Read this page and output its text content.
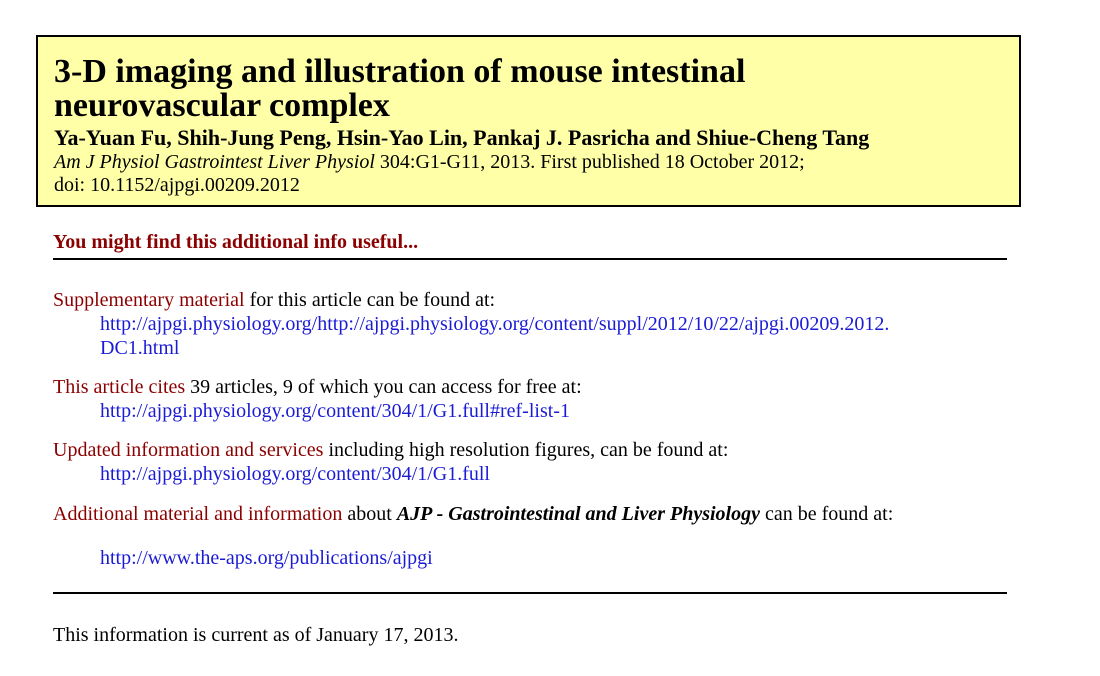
3-D imaging and illustration of mouse intestinal
neurovascular complex
Ya-Yuan Fu, Shih-Jung Peng, Hsin-Yao Lin, Pankaj J. Pasricha and Shiue-Cheng Tang
Am J Physiol Gastrointest Liver Physiol 304:G1-G11, 2013. First published 18 October 2012;
doi: 10.1152/ajpgi.00209.2012
You might find this additional info useful...
Supplementary material for this article can be found at:
http://ajpgi.physiology.org/http://ajpgi.physiology.org/content/suppl/2012/10/22/ajpgi.00209.2012.
DC1.html
This article cites 39 articles, 9 of which you can access for free at:
http://ajpgi.physiology.org/content/304/1/G1.full#ref-list-1
Updated information and services including high resolution figures, can be found at:
http://ajpgi.physiology.org/content/304/1/G1.full
Additional material and information about AJP - Gastrointestinal and Liver Physiology can be found at:
http://www.the-aps.org/publications/ajpgi
This information is current as of January 17, 2013.
